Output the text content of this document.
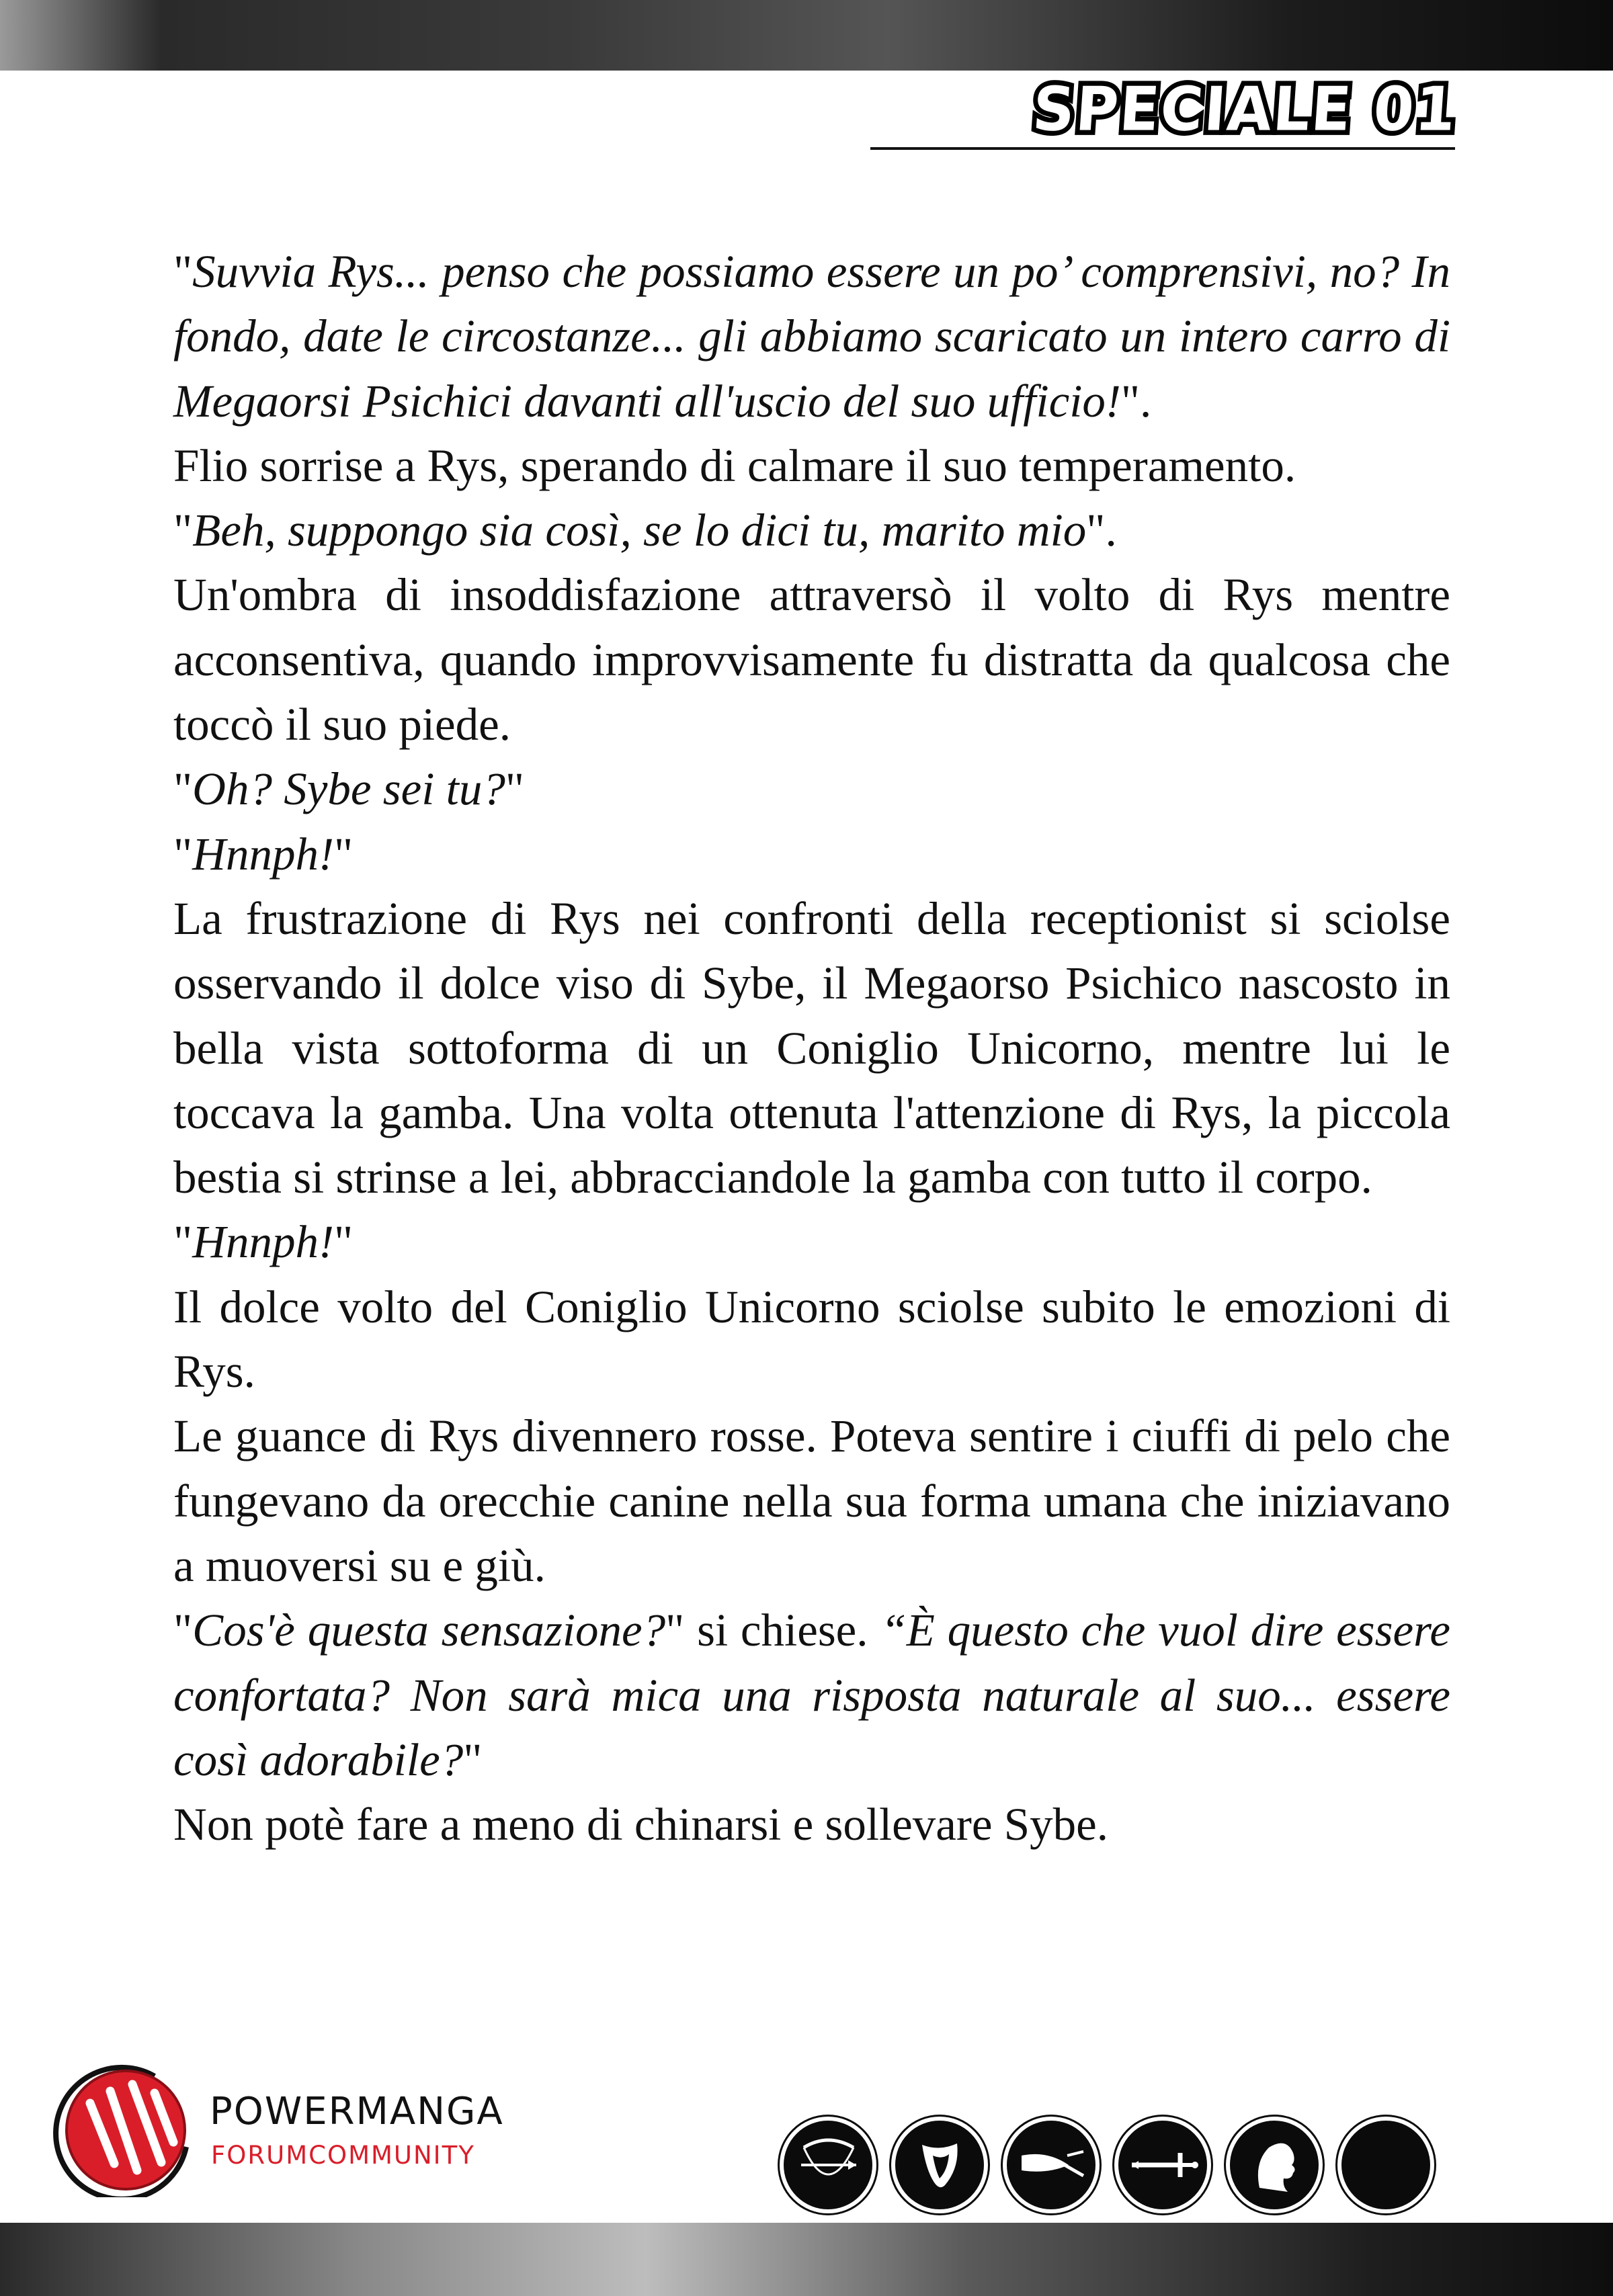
SPECIALE 01

"Suvvia Rys... penso che possiamo essere un po’ comprensivi, no? In fondo, date le circostanze... gli abbiamo scaricato un intero carro di Megaorsi Psichici davanti all'uscio del suo ufficio!".

Flio sorrise a Rys, sperando di calmare il suo temperamento.

"Beh, suppongo sia così, se lo dici tu, marito mio".

Un'ombra di insoddisfazione attraversò il volto di Rys mentre acconsentiva, quando improvvisamente fu distratta da qualcosa che toccò il suo piede.

"Oh? Sybe sei tu?"

"Hnnph!"

La frustrazione di Rys nei confronti della receptionist si sciolse osservando il dolce viso di Sybe, il Megaorso Psichico nascosto in bella vista sottoforma di un Coniglio Unicorno, mentre lui le toccava la gamba. Una volta ottenuta l'attenzione di Rys, la piccola bestia si strinse a lei, abbracciandole la gamba con tutto il corpo.

"Hnnph!"

Il dolce volto del Coniglio Unicorno sciolse subito le emozioni di Rys.

Le guance di Rys divennero rosse. Poteva sentire i ciuffi di pelo che fungevano da orecchie canine nella sua forma umana che iniziavano a muoversi su e giù.

"Cos'è questa sensazione?" si chiese. “È questo che vuol dire essere confortata? Non sarà mica una risposta naturale al suo... essere così adorabile?"

Non potè fare a meno di chinarsi e sollevare Sybe.

POWERMANGA
FORUMCOMMUNITY
